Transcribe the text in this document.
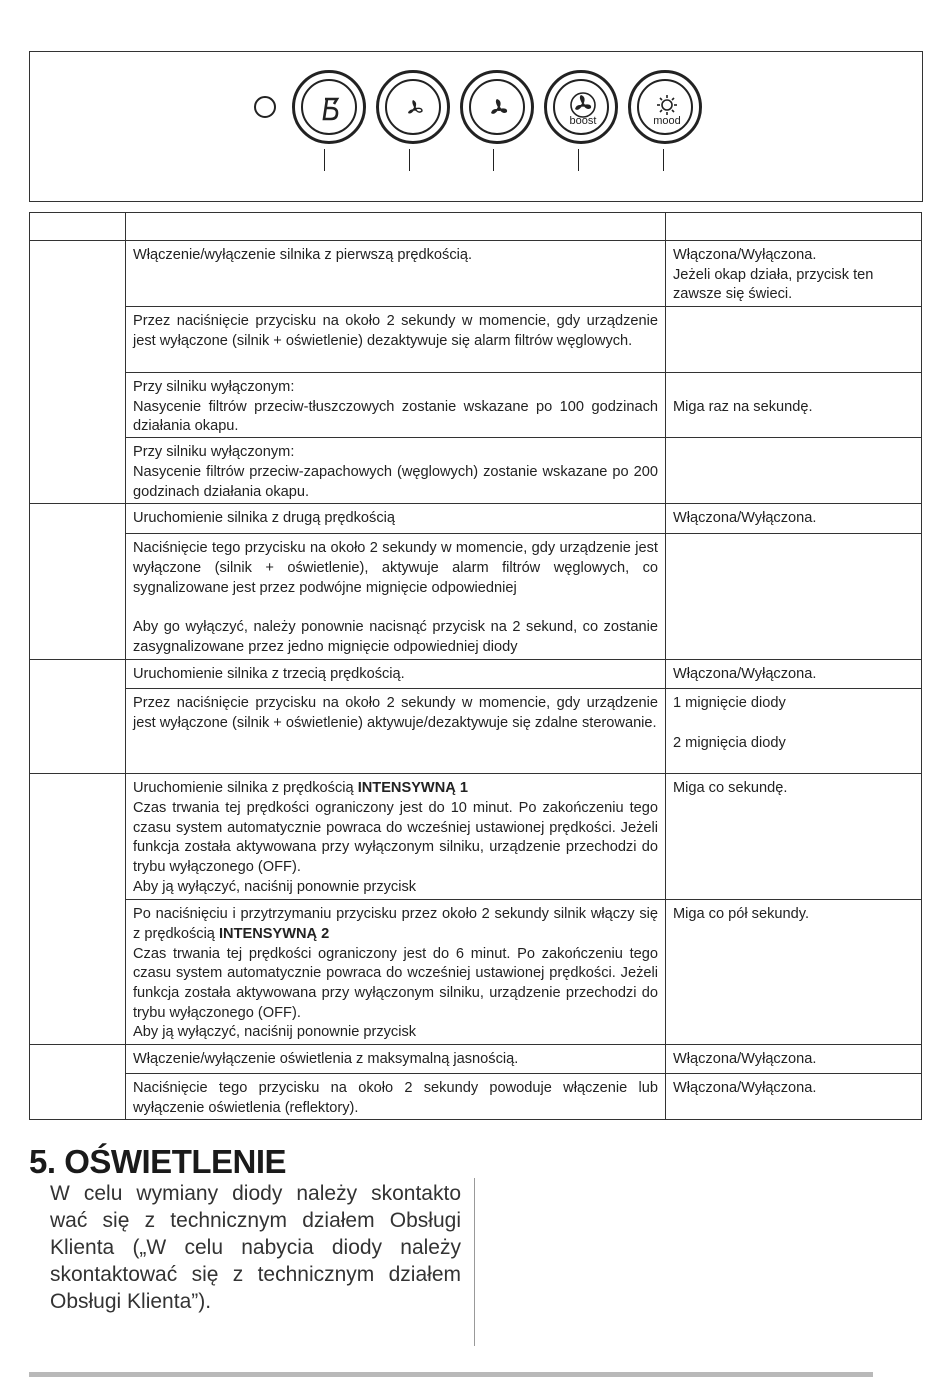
boost	mood

	Włączenie/wyłączenie silnika z pierwszą prędkością.	Włączona/Wyłączona.
Jeżeli okap działa, przycisk ten zawsze się świeci.

	Przez naciśnięcie przycisku na około 2 sekundy w momencie, gdy urządzenie jest wyłączone (silnik + oświetlenie) dezaktywuje się alarm filtrów węglowych.	

	Przy silniku wyłączonym:
Nasycenie filtrów przeciw-tłuszczowych zostanie wskazane po 100 godzinach działania okapu.	Miga raz na sekundę.

	Przy silniku wyłączonym:
Nasycenie filtrów przeciw-zapachowych (węglowych) zostanie wskazane po 200 godzinach działania okapu.	

	Uruchomienie silnika z drugą prędkością	Włączona/Wyłączona.

	Naciśnięcie tego przycisku na około 2 sekundy w momencie, gdy urządzenie jest wyłączone (silnik + oświetlenie), aktywuje alarm filtrów węglowych, co sygnalizowane jest przez podwójne mignięcie odpowiedniej
Aby go wyłączyć, należy ponownie nacisnąć przycisk na 2 sekund, co zostanie zasygnalizowane przez jedno mignięcie odpowiedniej diody	

	Uruchomienie silnika z trzecią prędkością.	Włączona/Wyłączona.
	Przez naciśnięcie przycisku na około 2 sekundy w momencie, gdy urządzenie jest wyłączone (silnik + oświetlenie) aktywuje/dezaktywuje się zdalne sterowanie.	1 mignięcie diody
2 mignięcia diody

	Uruchomienie silnika z prędkością INTENSYWNĄ 1
Czas trwania tej prędkości ograniczony jest do 10 minut. Po zakończeniu tego czasu system automatycznie powraca do wcześniej ustawionej prędkości. Jeżeli funkcja została aktywowana przy wyłączonym silniku, urządzenie przechodzi do trybu wyłączonego (OFF).
Aby ją wyłączyć, naciśnij ponownie przycisk	Miga co sekundę.
	Po naciśnięciu i przytrzymaniu przycisku przez około 2 sekundy silnik włączy się z prędkością INTENSYWNĄ 2
Czas trwania tej prędkości ograniczony jest do 6 minut. Po zakończeniu tego czasu system automatycznie powraca do wcześniej ustawionej prędkości. Jeżeli funkcja została aktywowana przy wyłączonym silniku, urządzenie przechodzi do trybu wyłączonego (OFF).
Aby ją wyłączyć, naciśnij ponownie przycisk	Miga co pół sekundy.
	Włączenie/wyłączenie oświetlenia z maksymalną jasnością.	Włączona/Wyłączona.
	Naciśnięcie tego przycisku na około 2 sekundy powoduje włączenie lub wyłączenie oświetlenia (reflektory).	Włączona/Wyłączona.
5. OŚWIETLENIE
W celu wymiany diody należy skontakto wać się z technicznym działem Obsługi Klienta („W celu nabycia diody należy skontaktować się z technicznym działem Obsługi Klienta”).
